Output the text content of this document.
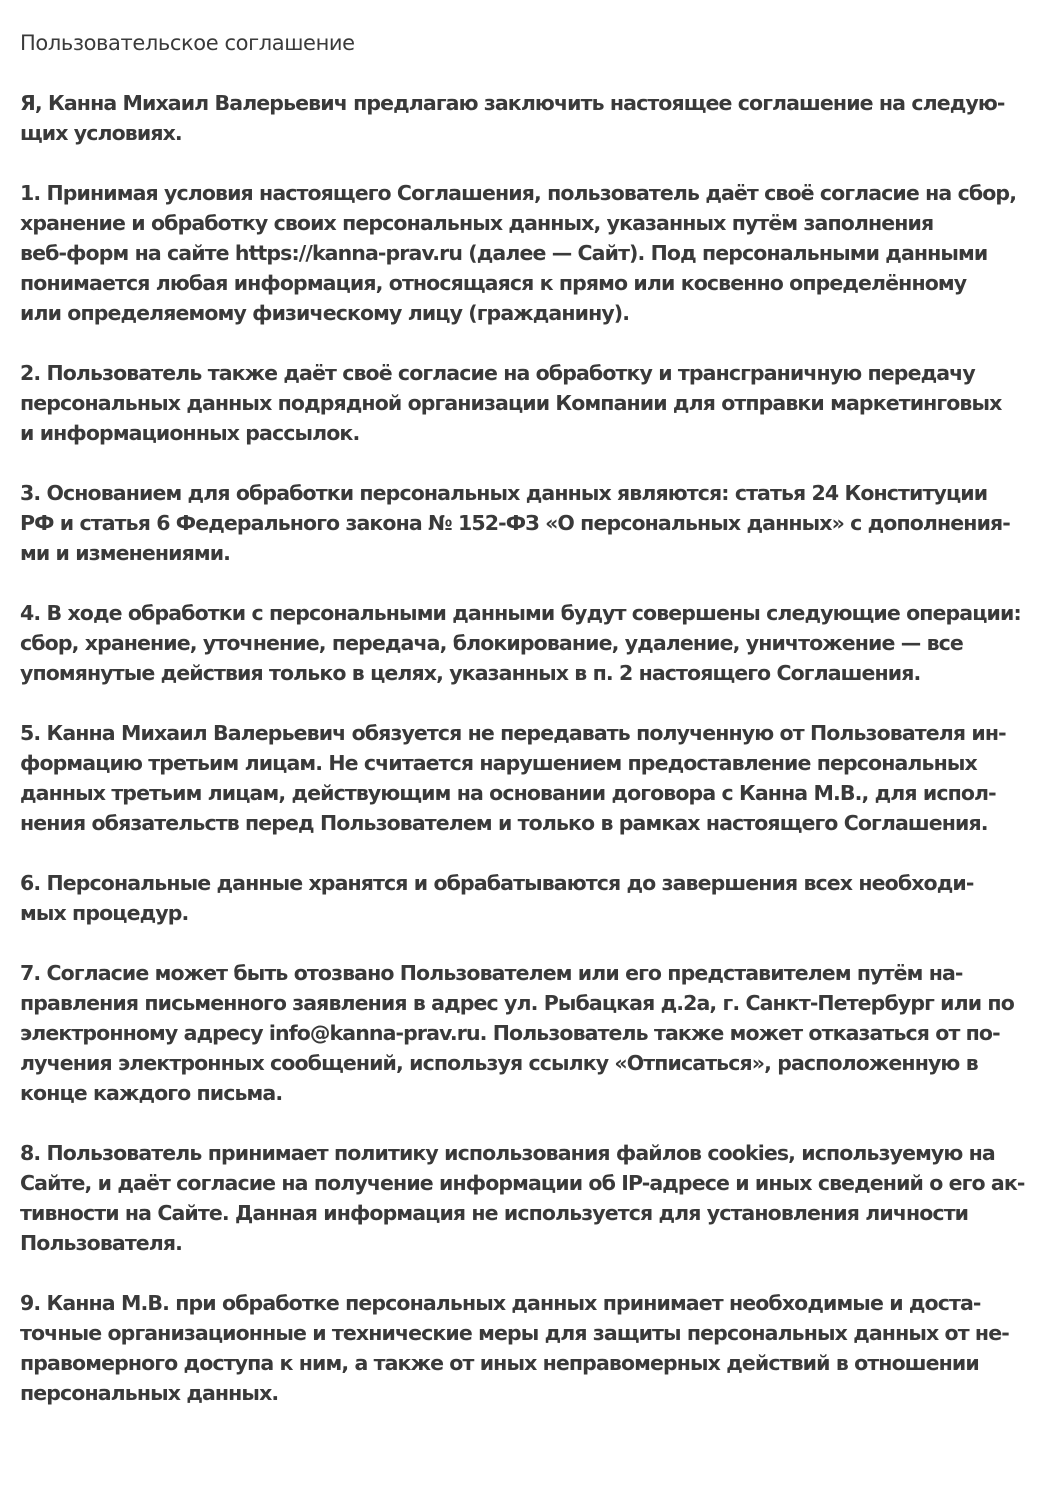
Пользовательское соглашение
Я, Канна Михаил Валерьевич предлагаю заключить настоящее соглашение на следую-
щих условиях.
1. Принимая условия настоящего Соглашения, пользователь даёт своё согласие на сбор,
хранение и обработку своих персональных данных, указанных путём заполнения
веб-форм на сайте https://kanna-prav.ru (далее — Сайт). Под персональными данными
понимается любая информация, относящаяся к прямо или косвенно определённому
или определяемому физическому лицу (гражданину).
2. Пользователь также даёт своё согласие на обработку и трансграничную передачу
персональных данных подрядной организации Компании для отправки маркетинговых
и информационных рассылок.
3. Основанием для обработки персональных данных являются: статья 24 Конституции
РФ и статья 6 Федерального закона № 152-ФЗ «О персональных данных» с дополнения-
ми и изменениями.
4. В ходе обработки с персональными данными будут совершены следующие операции:
сбор, хранение, уточнение, передача, блокирование, удаление, уничтожение — все
упомянутые действия только в целях, указанных в п. 2 настоящего Соглашения.
5. Канна Михаил Валерьевич обязуется не передавать полученную от Пользователя ин-
формацию третьим лицам. Не считается нарушением предоставление персональных
данных третьим лицам, действующим на основании договора с Канна М.В., для испол-
нения обязательств перед Пользователем и только в рамках настоящего Соглашения.
6. Персональные данные хранятся и обрабатываются до завершения всех необходи-
мых процедур.
7. Согласие может быть отозвано Пользователем или его представителем путём на-
правления письменного заявления в адрес ул. Рыбацкая д.2а, г. Санкт-Петербург или по
электронному адресу info@kanna-prav.ru. Пользователь также может отказаться от по-
лучения электронных сообщений, используя ссылку «Отписаться», расположенную в
конце каждого письма.
8. Пользователь принимает политику использования файлов cookies, используемую на
Сайте, и даёт согласие на получение информации об IP-адресе и иных сведений о его ак-
тивности на Сайте. Данная информация не используется для установления личности
Пользователя.
9. Канна М.В. при обработке персональных данных принимает необходимые и доста-
точные организационные и технические меры для защиты персональных данных от не-
правомерного доступа к ним, а также от иных неправомерных действий в отношении
персональных данных.
